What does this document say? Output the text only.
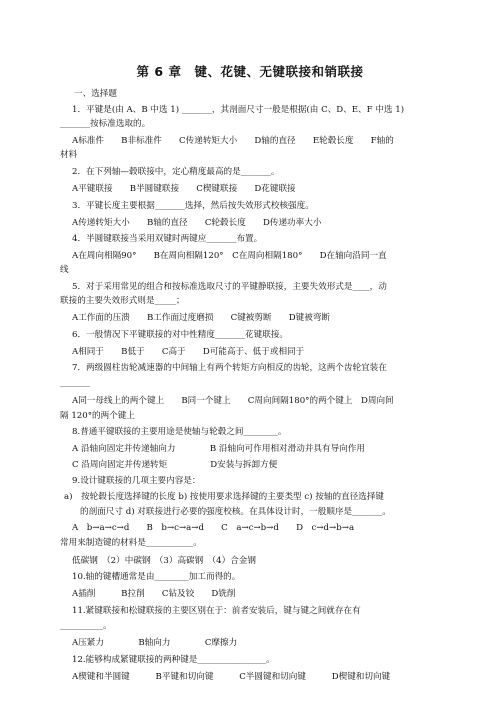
第 6 章　键、花键、无键联接和销联接
一、选择题
1．平键是(由 A、B 中选 1) _______，其剖面尺寸一般是根据(由 C、D、E、F 中选 1)
_______按标准选取的。
A标准件　　B非标准件　　C传递转矩大小　　D轴的直径　　E轮毂长度　　F轴的
材料
2．在下列轴—毂联接中，定心精度最高的是_______。
A平键联接　　B半圆键联接　　C楔键联接　　D花键联接
3．平键长度主要根据_______选择，然后按失效形式校核强度。
A传递转矩大小　　B轴的直径　　C轮毂长度　　D传递功率大小
4．半圆键联接当采用双键时两键应_______布置。
A在周向相隔90°　　B在周向相隔120°　C在周向相隔180°　　D在轴向沿同一直
线
5．对于采用常见的组合和按标准选取尺寸的平键静联接，主要失效形式是____，动
联接的主要失效形式则是_____；
A工作面的压溃　　B工作面过度磨损　　C键被剪断　　D键被弯断
6．一般情况下平键联接的对中性精度_______花键联接。
A相同于　　B低于　　C高于　　D可能高于、低于或相同于
7．两级圆柱齿轮减速器的中间轴上有两个转矩方向相反的齿轮，这两个齿轮宜装在
_______
A同一母线上的两个键上　　B同一个键上　　C周向间隔180°的两个键上　D周向间
隔 120°的两个键上
8.普通平键联接的主要用途是使轴与轮毂之间________。
A 沿轴向固定并传递轴向力　　　　B 沿轴向可作用相对滑动并具有导向作用
C 沿周向固定并传递转矩　　　　　D安装与拆卸方便
9.设计键联接的几项主要内容是：
a)　按轮毂长度选择键的长度 b) 按使用要求选择键的主要类型 c) 按轴的直径选择键
的剖面尺寸 d) 对联接进行必要的强度校核。在具体设计时，一般顺序是_______。
A　b→a→c→d　　B　b→c→a→d　　C　a→c→b→d　　D　c→d→b→a
常用来制造键的材料是___________。
低碳钢　（2）中碳钢　（3）高碳钢　（4）合金钢
10.轴的键槽通常是由________加工而得的。
A插削　　　B拉削　　C钻及铰　　D铣削
11.紧键联接和松键联接的主要区别在于：前者安装后，键与键之间就存在有
__________。
A压紧力　　　　B轴向力　　　　C摩擦力
12.能够构成紧键联接的两种键是________________。
A楔键和半圆键　　　B平键和切向键　　　C半圆键和切向键　　　D楔键和切向键
